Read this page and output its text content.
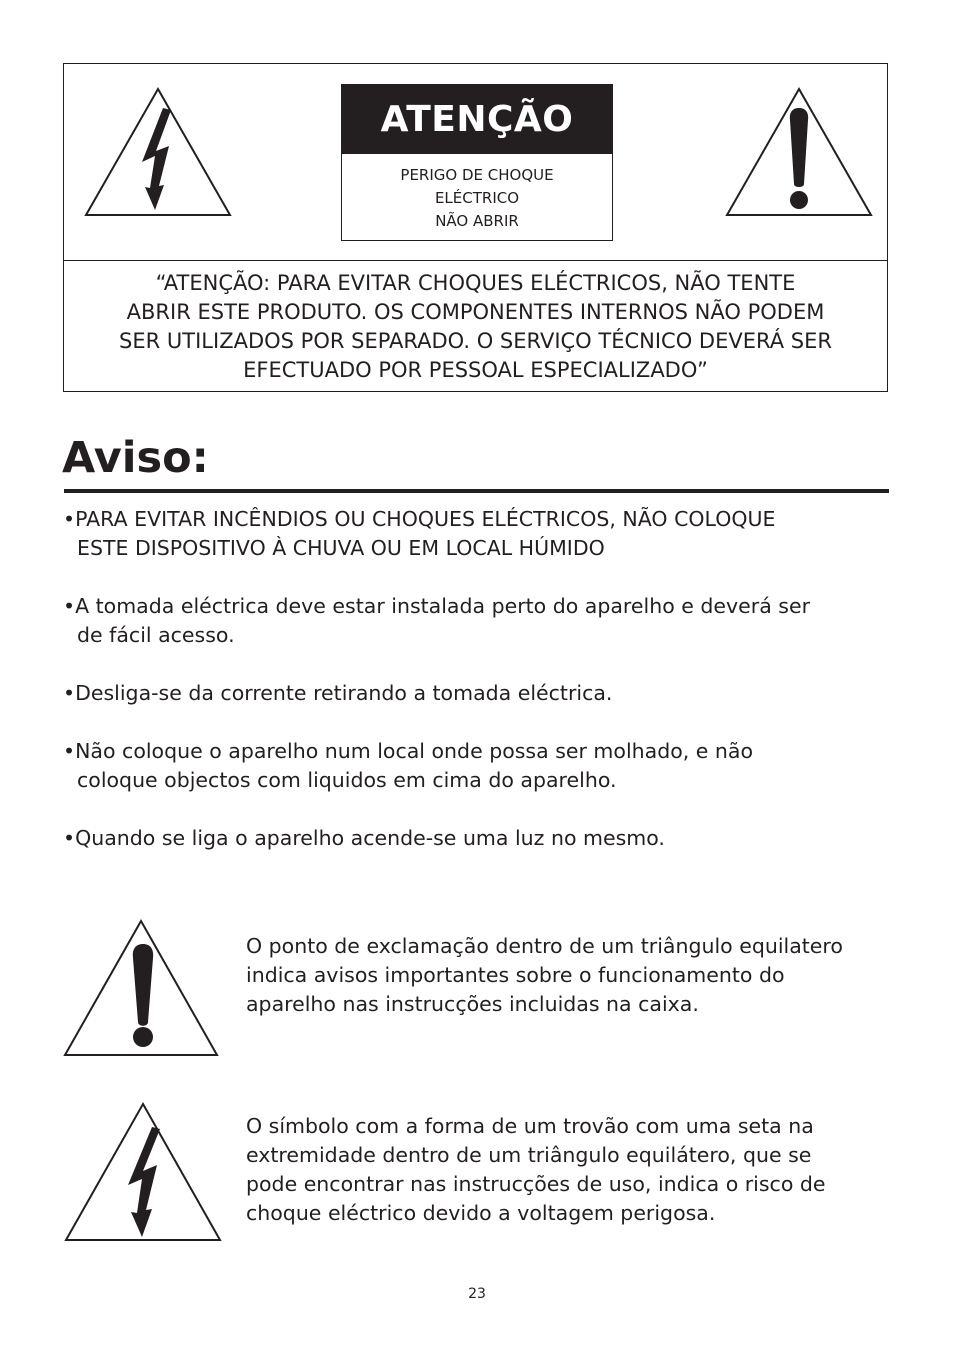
ATENÇÃO
PERIGO DE CHOQUE
ELÉCTRICO
NÃO ABRIR
“ATENÇÃO: PARA EVITAR CHOQUES ELÉCTRICOS, NÃO TENTE
ABRIR ESTE PRODUTO. OS COMPONENTES INTERNOS NÃO PODEM
SER UTILIZADOS POR SEPARADO. O SERVIÇO TÉCNICO DEVERÁ SER
EFECTUADO POR PESSOAL ESPECIALIZADO”
Aviso:
•PARA EVITAR INCÊNDIOS OU CHOQUES ELÉCTRICOS, NÃO COLOQUE
ESTE DISPOSITIVO À CHUVA OU EM LOCAL HÚMIDO
•A tomada eléctrica deve estar instalada perto do aparelho e deverá ser
de fácil acesso.
•Desliga-se da corrente retirando a tomada eléctrica.
•Não coloque o aparelho num local onde possa ser molhado, e não
coloque objectos com liquidos em cima do aparelho.
•Quando se liga o aparelho acende-se uma luz no mesmo.
O ponto de exclamação dentro de um triângulo equilatero
indica avisos importantes sobre o funcionamento do
aparelho nas instrucções incluidas na caixa.
O símbolo com a forma de um trovão com uma seta na
extremidade dentro de um triângulo equilátero, que se
pode encontrar nas instrucções de uso, indica o risco de
choque eléctrico devido a voltagem perigosa.
23
